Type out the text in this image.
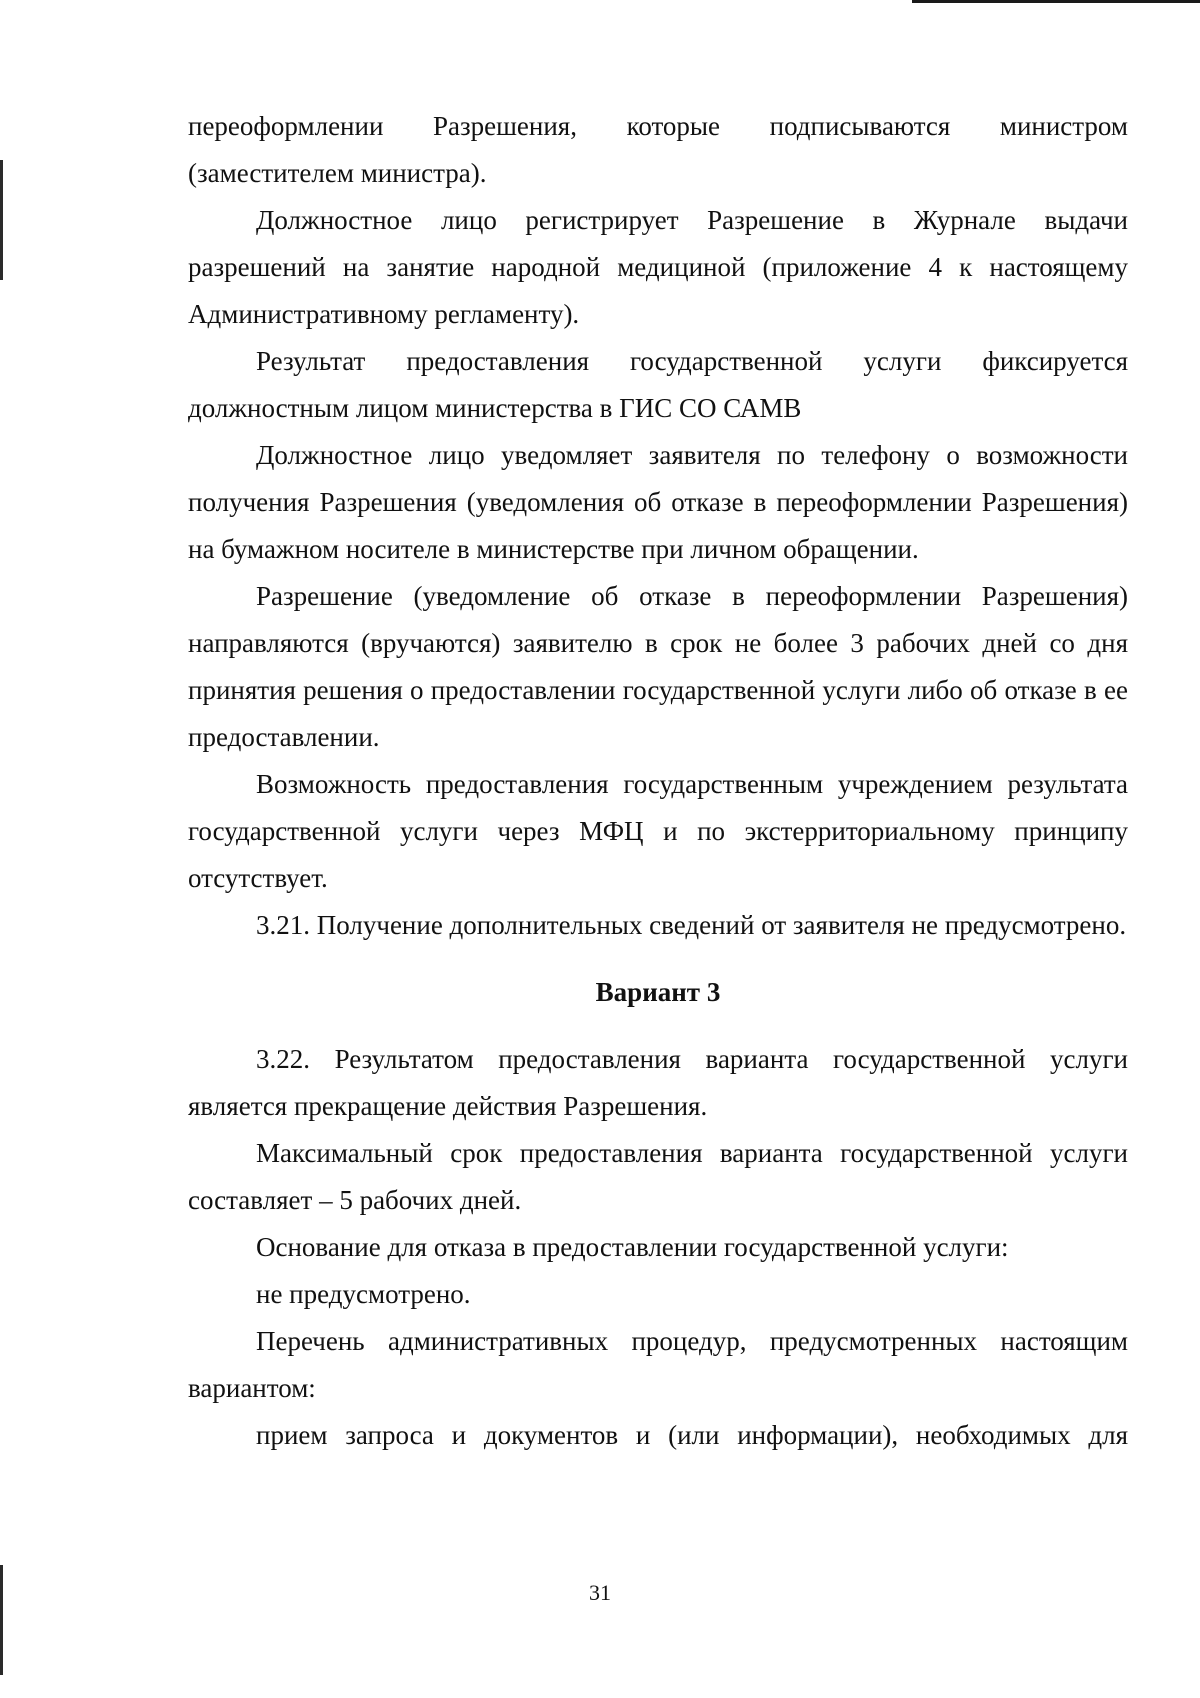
переоформлении Разрешения, которые подписываются министром

(заместителем министра).

Должностное лицо регистрирует Разрешение в Журнале выдачи разрешений на занятие народной медициной (приложение 4 к настоящему Административному регламенту).

Результат предоставления государственной услуги фиксируется должностным лицом министерства в ГИС СО САМВ

Должностное лицо уведомляет заявителя по телефону о возможности получения Разрешения (уведомления об отказе в переоформлении Разрешения) на бумажном носителе в министерстве при личном обращении.

Разрешение (уведомление об отказе в переоформлении Разрешения) направляются (вручаются) заявителю в срок не более 3 рабочих дней со дня принятия решения о предоставлении государственной услуги либо об отказе в ее предоставлении.

Возможность предоставления государственным учреждением результата государственной услуги через МФЦ и по экстерриториальному принципу отсутствует.

3.21. Получение дополнительных сведений от заявителя не предусмотрено.

Вариант 3

3.22. Результатом предоставления варианта государственной услуги является прекращение действия Разрешения.

Максимальный срок предоставления варианта государственной услуги составляет – 5 рабочих дней.

Основание для отказа в предоставлении государственной услуги:

не предусмотрено.

Перечень административных процедур, предусмотренных настоящим вариантом:

прием запроса и документов и (или информации), необходимых для

31
